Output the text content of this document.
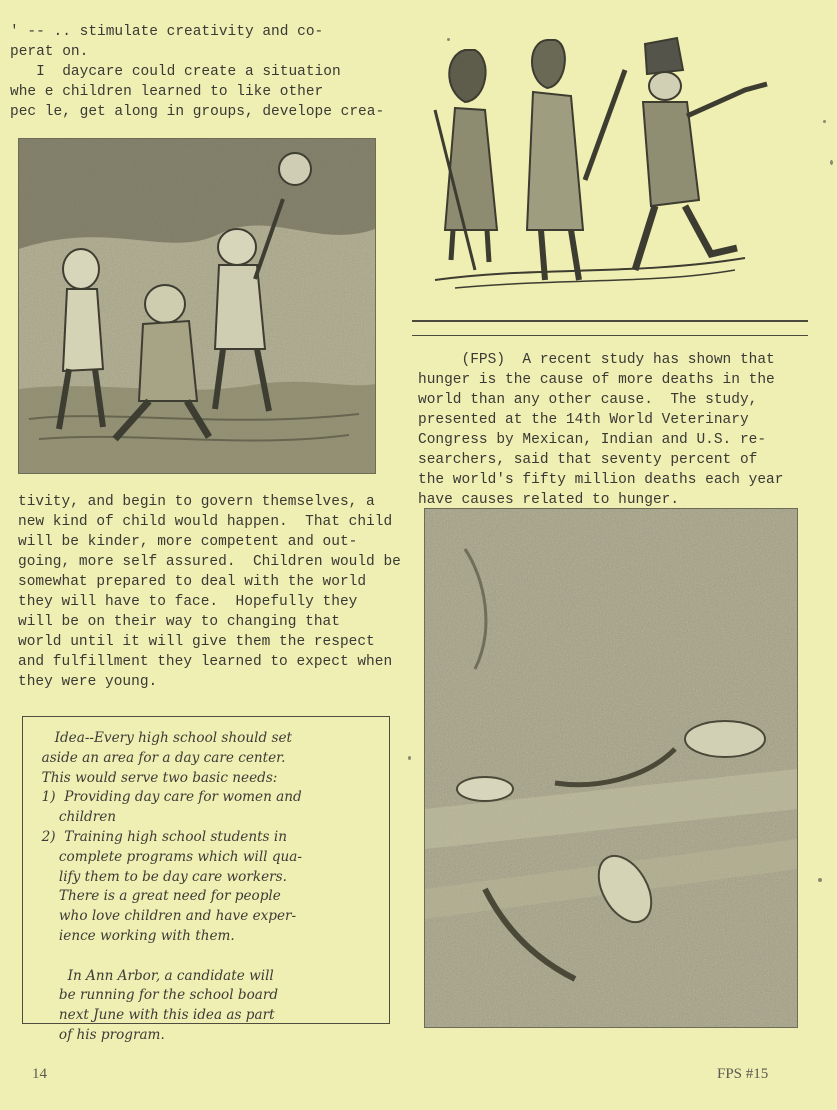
' -- .. stimulate creativity and co-
perat on.
I  daycare could create a situation
whe e children learned to like other
pec le, get along in groups, develope crea-
tivity, and begin to govern themselves, a
new kind of child would happen.  That child
will be kinder, more competent and out-
going, more self assured.  Children would be
somewhat prepared to deal with the world
they will have to face.  Hopefully they
will be on their way to changing that
world until it will give them the respect
and fulfillment they learned to expect when
they were young.
Idea--Every high school should set
aside an area for a day care center.
This would serve two basic needs:
1)  Providing day care for women and
children
2)  Training high school students in
complete programs which will qua-
lify them to be day care workers.
There is a great need for people
who love children and have exper-
ience working with them.

In Ann Arbor, a candidate will
be running for the school board
next June with this idea as part
of his program.
(FPS)  A recent study has shown that
hunger is the cause of more deaths in the
world than any other cause.  The study,
presented at the 14th World Veterinary
Congress by Mexican, Indian and U.S. re-
searchers, said that seventy percent of
the world's fifty million deaths each year
have causes related to hunger.
14	FPS #15
